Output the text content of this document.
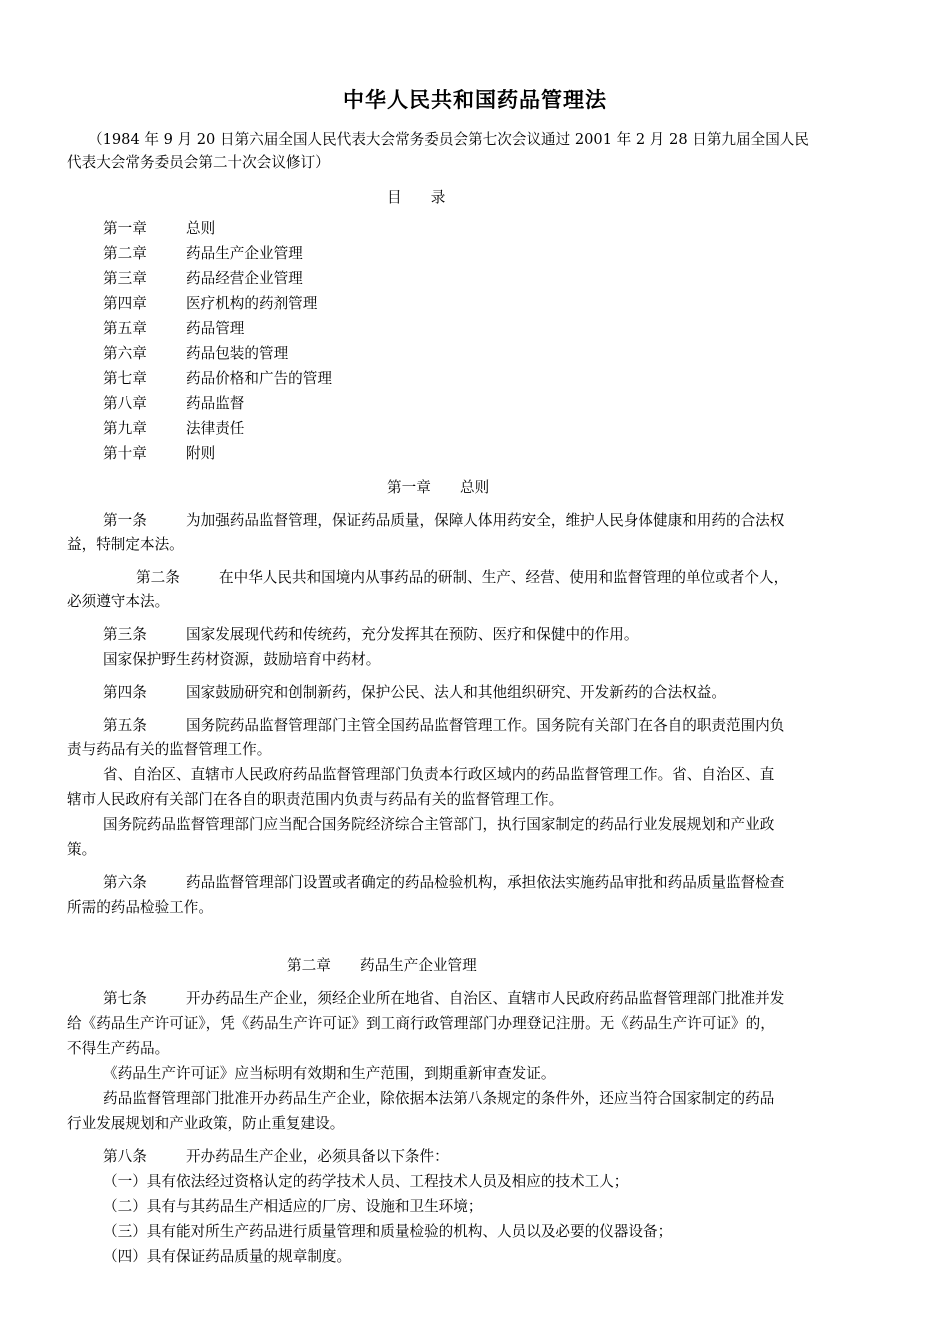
中华人民共和国药品管理法
（1984 年 9 月 20 日第六届全国人民代表大会常务委员会第七次会议通过 2001 年 2 月 28 日第九届全国人民
代表大会常务委员会第二十次会议修订）
目　　录
第一章	总则
第二章	药品生产企业管理
第三章	药品经营企业管理
第四章	医疗机构的药剂管理
第五章	药品管理
第六章	药品包装的管理
第七章	药品价格和广告的管理
第八章	药品监督
第九章	法律责任
第十章	附则
第一章　　总则
第一条	为加强药品监督管理，保证药品质量，保障人体用药安全，维护人民身体健康和用药的合法权
益，特制定本法。
第二条	在中华人民共和国境内从事药品的研制、生产、经营、使用和监督管理的单位或者个人，
必须遵守本法。
第三条	国家发展现代药和传统药，充分发挥其在预防、医疗和保健中的作用。
国家保护野生药材资源，鼓励培育中药材。
第四条	国家鼓励研究和创制新药，保护公民、法人和其他组织研究、开发新药的合法权益。
第五条	国务院药品监督管理部门主管全国药品监督管理工作。国务院有关部门在各自的职责范围内负
责与药品有关的监督管理工作。
省、自治区、直辖市人民政府药品监督管理部门负责本行政区域内的药品监督管理工作。省、自治区、直
辖市人民政府有关部门在各自的职责范围内负责与药品有关的监督管理工作。
国务院药品监督管理部门应当配合国务院经济综合主管部门，执行国家制定的药品行业发展规划和产业政
策。
第六条	药品监督管理部门设置或者确定的药品检验机构，承担依法实施药品审批和药品质量监督检查
所需的药品检验工作。
第二章　　药品生产企业管理
第七条	开办药品生产企业，须经企业所在地省、自治区、直辖市人民政府药品监督管理部门批准并发
给《药品生产许可证》，凭《药品生产许可证》到工商行政管理部门办理登记注册。无《药品生产许可证》的，
不得生产药品。
《药品生产许可证》应当标明有效期和生产范围，到期重新审查发证。
药品监督管理部门批准开办药品生产企业，除依据本法第八条规定的条件外，还应当符合国家制定的药品
行业发展规划和产业政策，防止重复建设。
第八条	开办药品生产企业，必须具备以下条件：
（一）具有依法经过资格认定的药学技术人员、工程技术人员及相应的技术工人；
（二）具有与其药品生产相适应的厂房、设施和卫生环境；
（三）具有能对所生产药品进行质量管理和质量检验的机构、人员以及必要的仪器设备；
（四）具有保证药品质量的规章制度。
